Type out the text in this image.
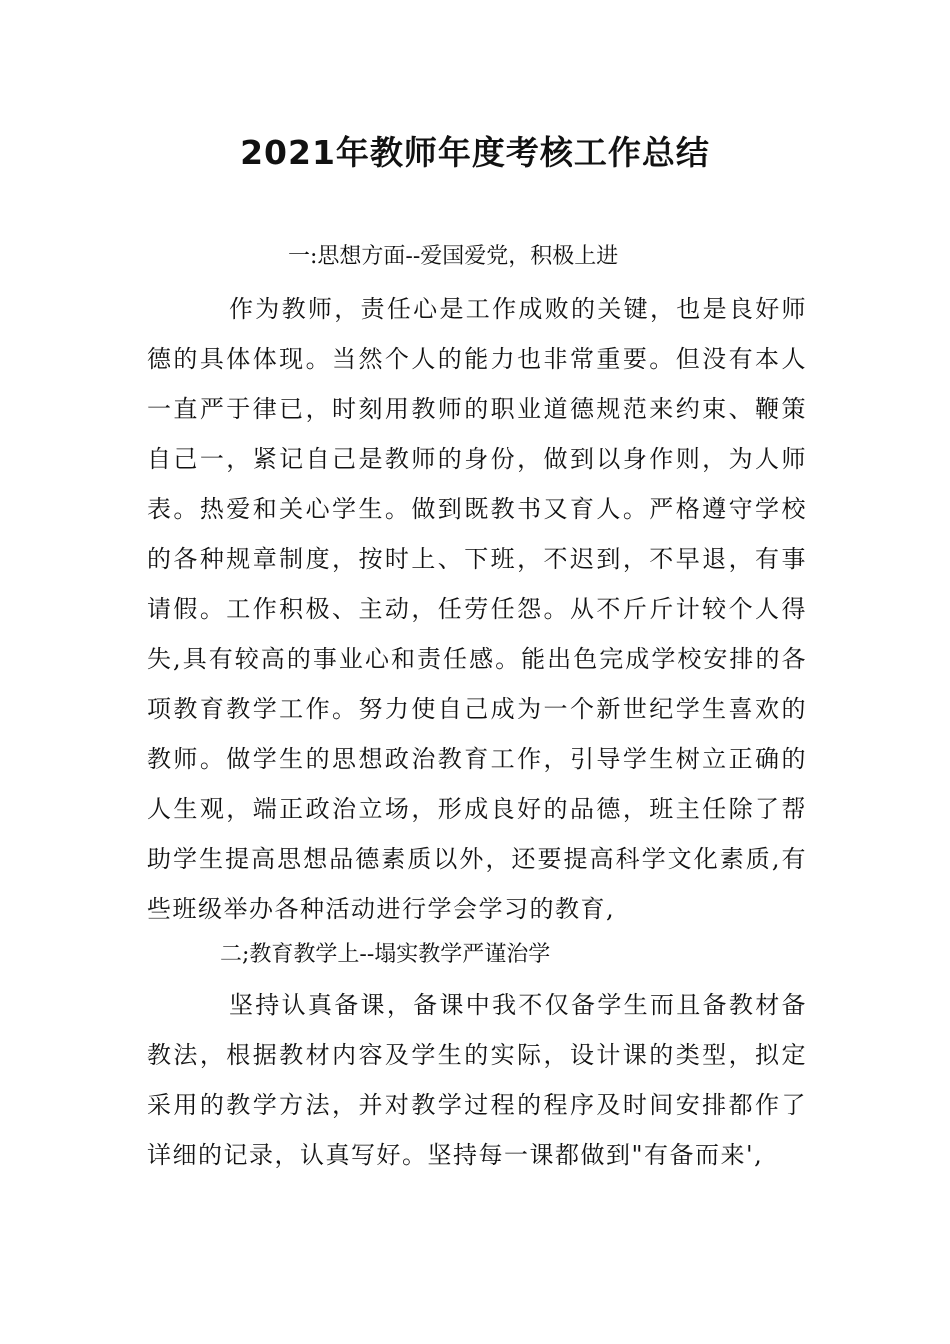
2021年教师年度考核工作总结
一:思想方面--爱国爱党，积极上进
作为教师，责任心是工作成败的关键，也是良好师德的具体体现。当然个人的能力也非常重要。但没有本人一直严于律已，时刻用教师的职业道德规范来约束、鞭策自己一，紧记自己是教师的身份，做到以身作则，为人师表。热爱和关心学生。做到既教书又育人。严格遵守学校的各种规章制度，按时上、下班，不迟到，不早退，有事请假。工作积极、主动，任劳任怨。从不斤斤计较个人得失,具有较高的事业心和责任感。能出色完成学校安排的各项教育教学工作。努力使自己成为一个新世纪学生喜欢的教师。做学生的思想政治教育工作，引导学生树立正确的人生观，端正政治立场，形成良好的品德，班主任除了帮助学生提高思想品德素质以外，还要提高科学文化素质,有些班级举办各种活动进行学会学习的教育,
二;教育教学上--塌实教学严谨治学
坚持认真备课，备课中我不仅备学生而且备教材备教法，根据教材内容及学生的实际，设计课的类型，拟定采用的教学方法，并对教学过程的程序及时间安排都作了详细的记录，认真写好。坚持每一课都做到"有备而来',
